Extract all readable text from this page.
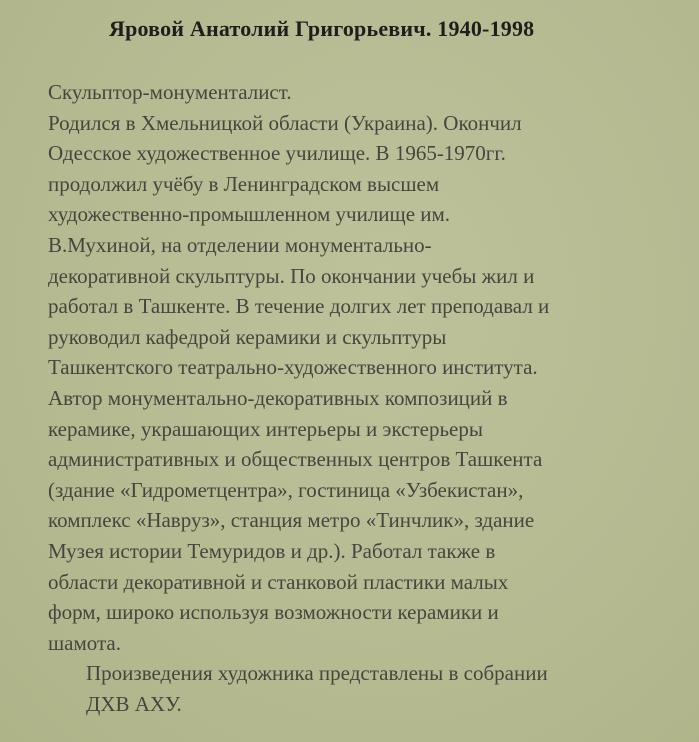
Яровой Анатолий Григорьевич. 1940-1998
Скульптор-монументалист.
Родился в Хмельницкой области (Украина). Окончил
Одесское художественное училище. В 1965-1970гг.
продолжил учёбу в Ленинградском высшем
художественно-промышленном училище им.
В.Мухиной, на отделении монументально-
декоративной скульптуры. По окончании учебы жил и
работал в Ташкенте. В течение долгих лет преподавал и
руководил кафедрой керамики и скульптуры
Ташкентского театрально-художественного института.
Автор монументально-декоративных композиций в
керамике, украшающих интерьеры и экстерьеры
административных и общественных центров Ташкента
(здание «Гидрометцентра», гостиница «Узбекистан»,
комплекс «Навруз», станция метро «Тинчлик», здание
Музея истории Темуридов и др.). Работал также в
области декоративной и станковой пластики малых
форм, широко используя возможности керамики и
шамота.
Произведения художника представлены в собрании
ДХВ АХУ.
